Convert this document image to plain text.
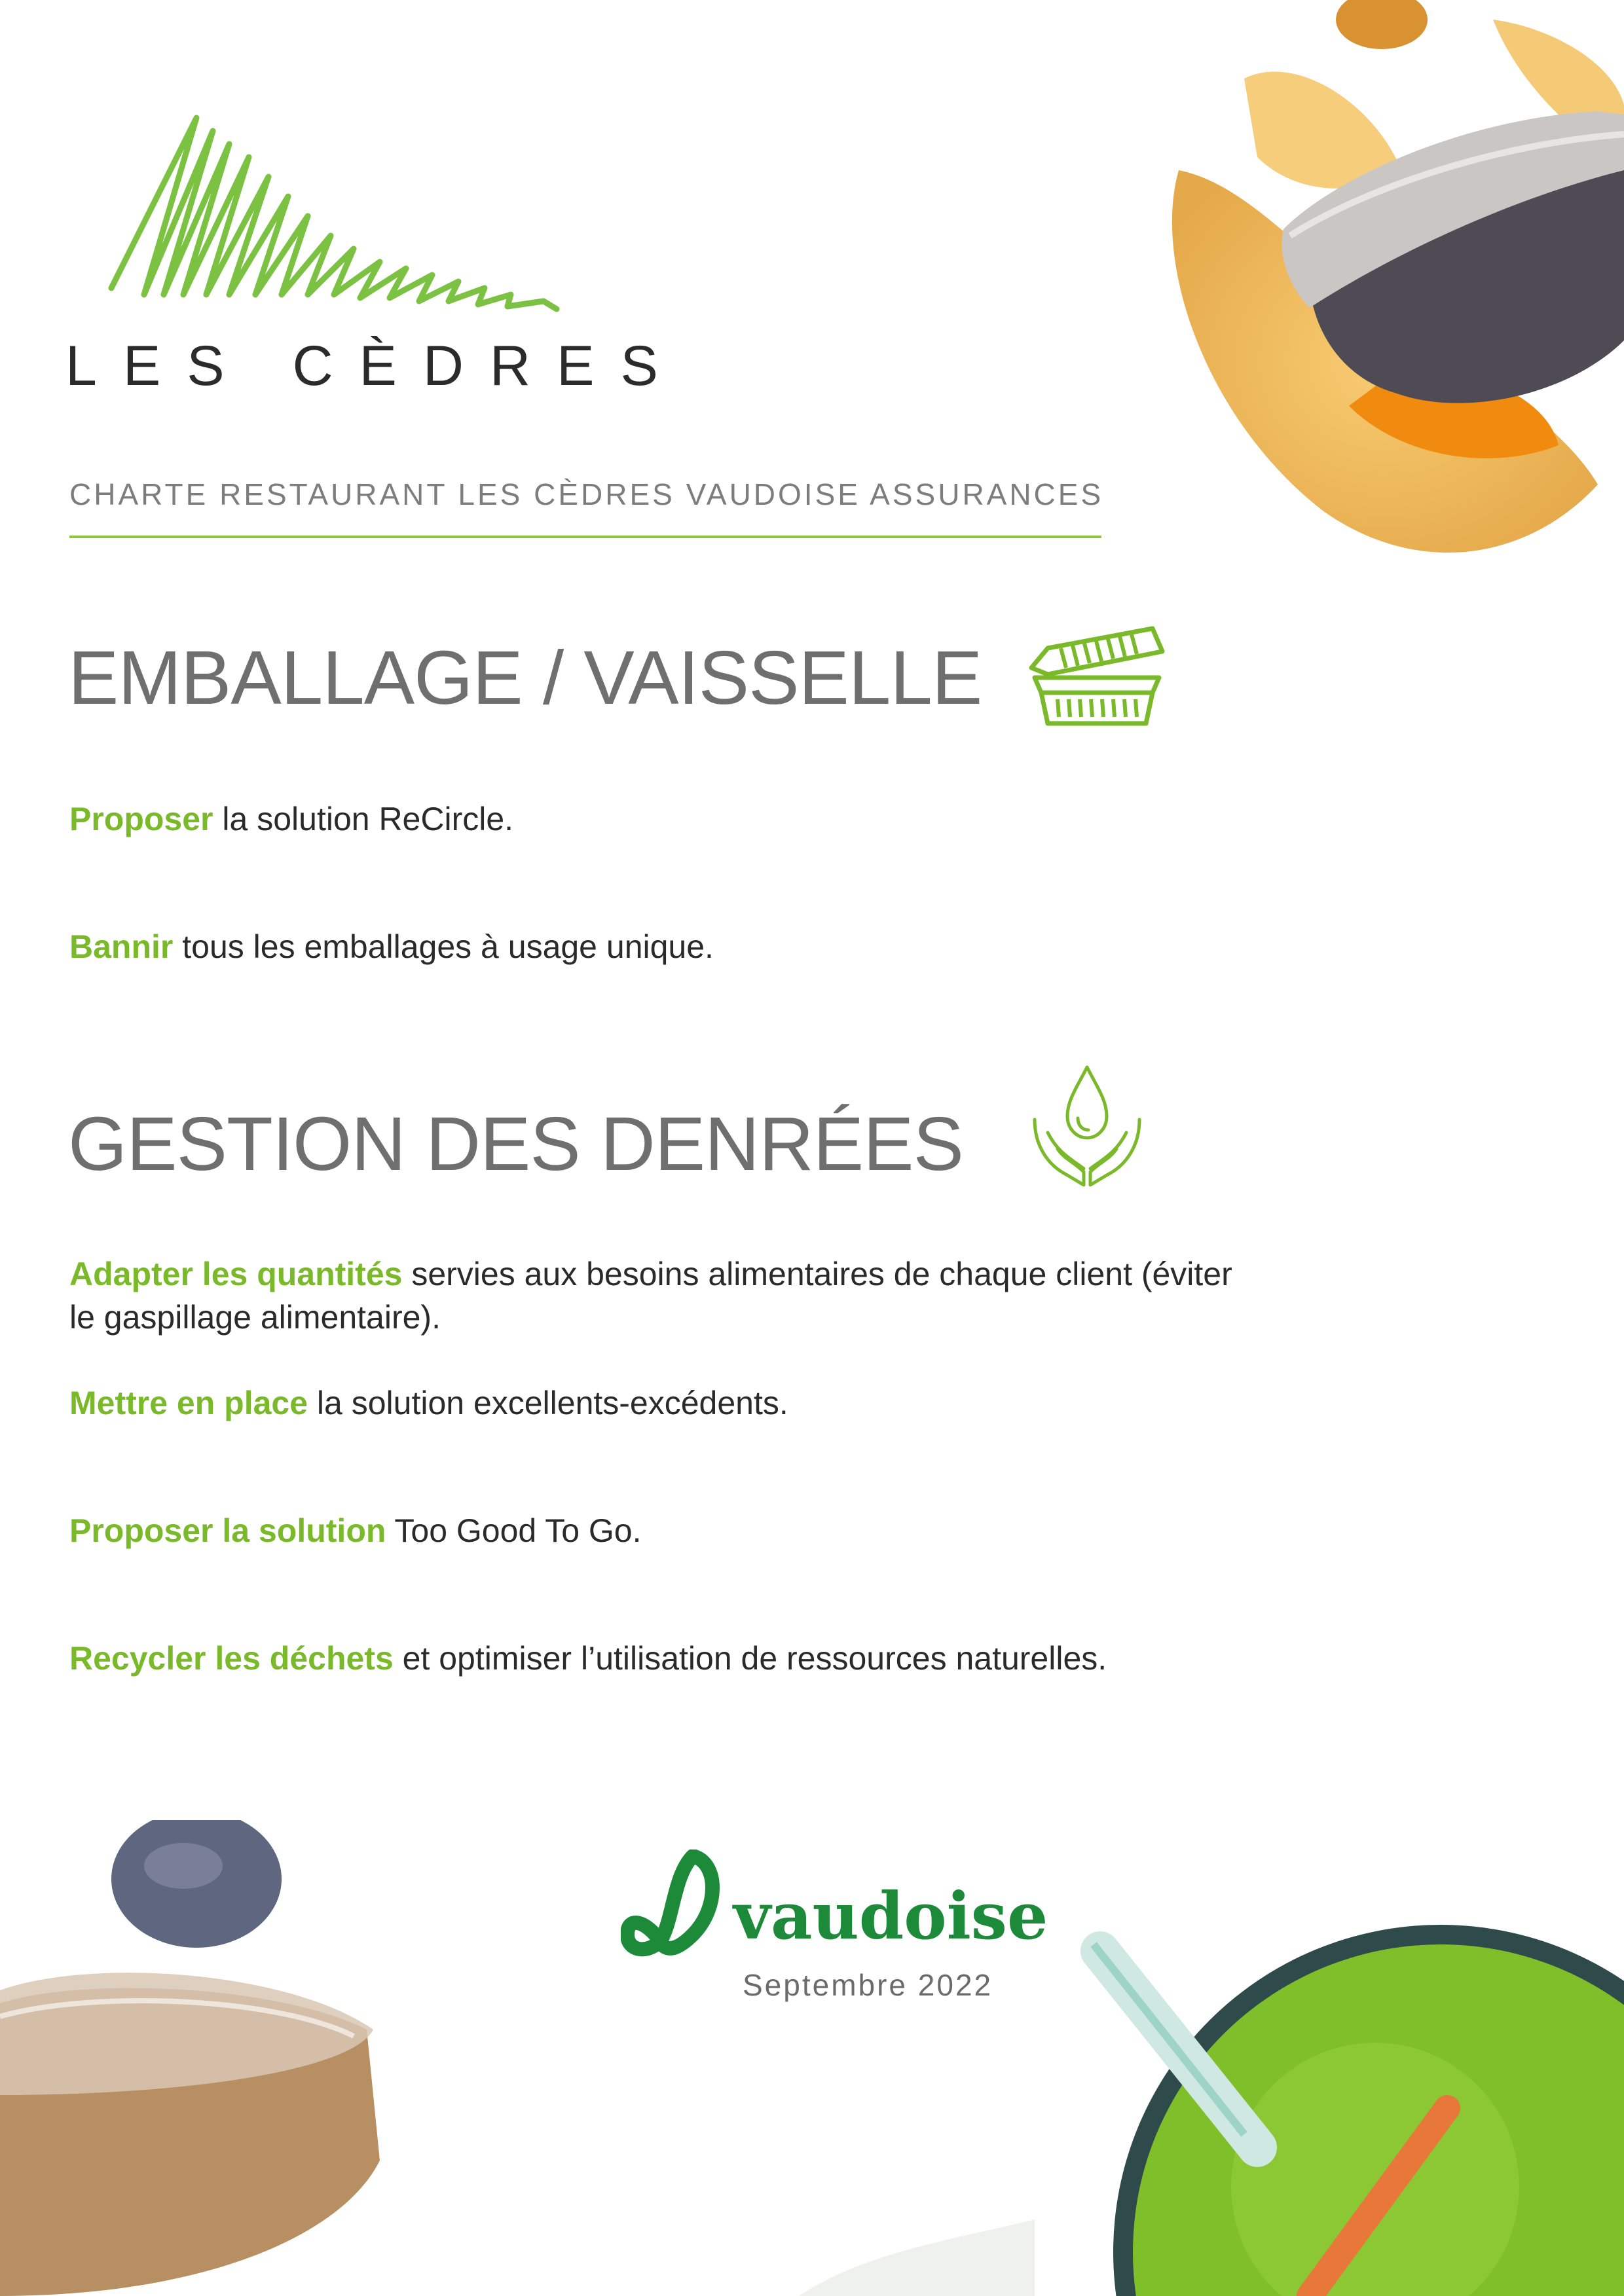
LES CÈDRES
CHARTE RESTAURANT LES CÈDRES VAUDOISE ASSURANCES
EMBALLAGE / VAISSELLE
Proposer la solution ReCircle.
Bannir tous les emballages à usage unique.
GESTION DES DENRÉES
Adapter les quantités servies aux besoins alimentaires de chaque client (éviter le gaspillage alimentaire).
Mettre en place la solution excellents-excédents.
Proposer la solution Too Good To Go.
Recycler les déchets et optimiser l’utilisation de ressources naturelles.
vaudoise
Septembre 2022
